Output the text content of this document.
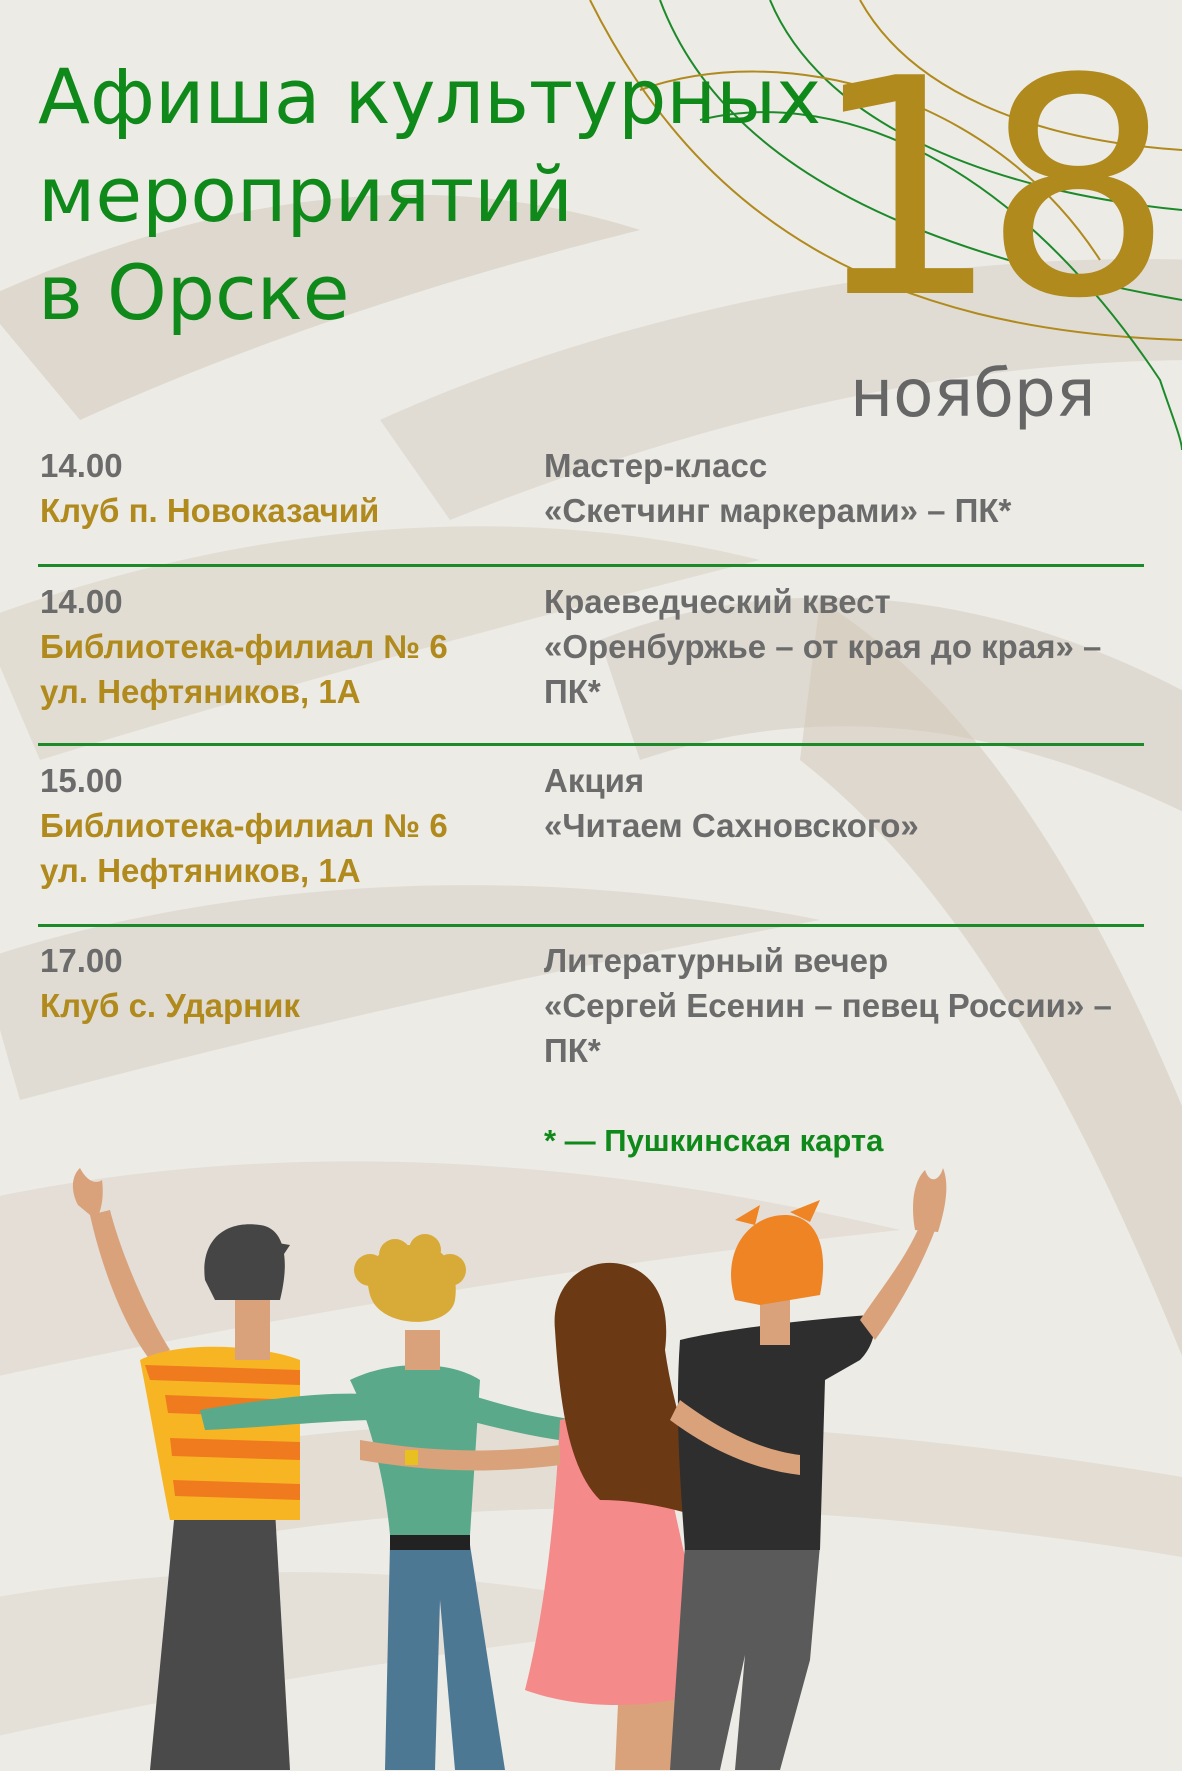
Афиша культурных
мероприятий
в Орске	18
ноября
14.00
Клуб п. Новоказачий
Мастер-класс
«Скетчинг маркерами» – ПК*
14.00
Библиотека-филиал № 6
ул. Нефтяников, 1А
Краеведческий квест
«Оренбуржье – от края до края» –
ПК*
15.00
Библиотека-филиал № 6
ул. Нефтяников, 1А
Акция
«Читаем Сахновского»
17.00
Клуб с. Ударник
Литературный вечер
«Сергей Есенин – певец России» –
ПК*
* — Пушкинская карта
